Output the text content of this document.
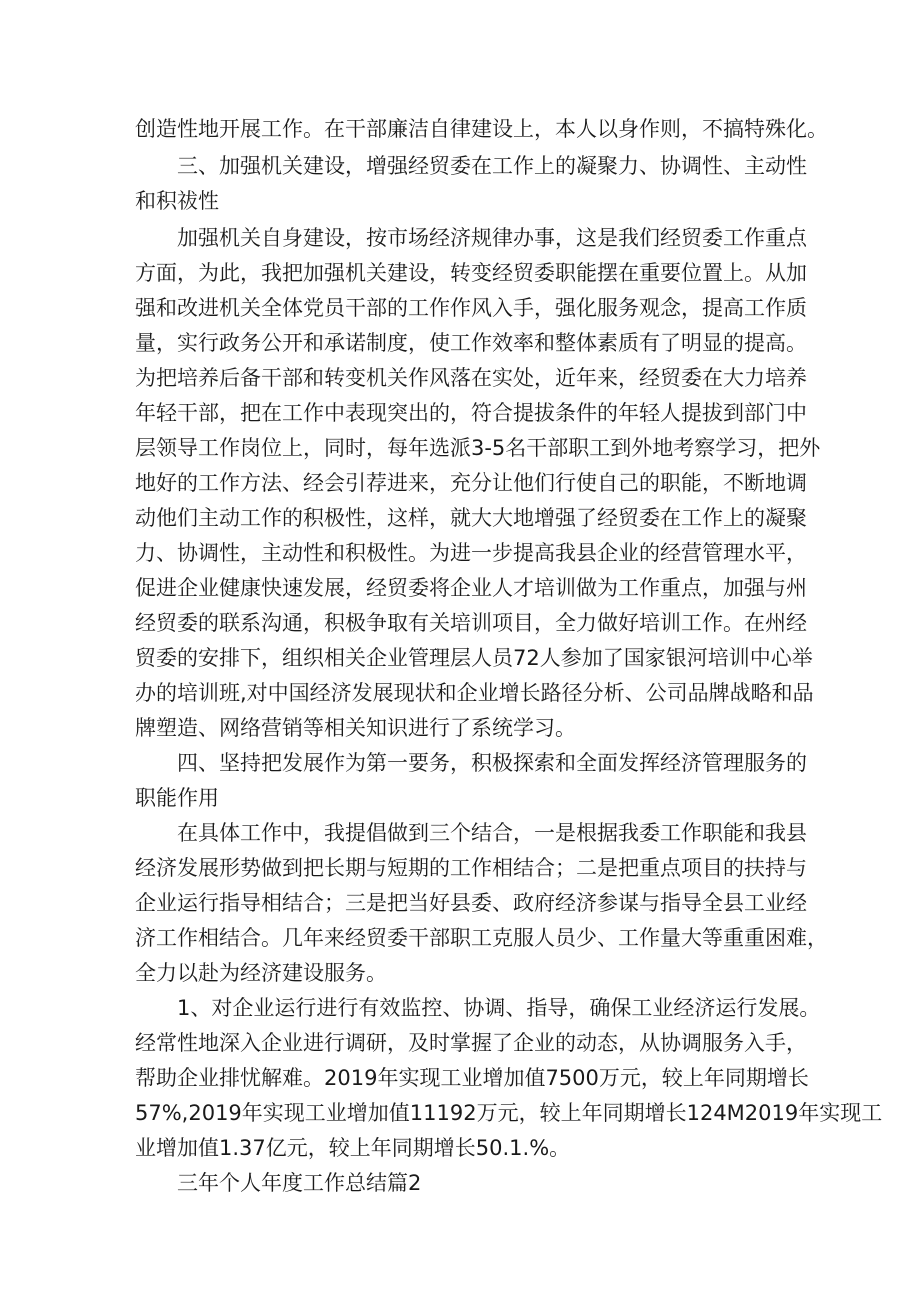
创造性地开展工作。在干部廉洁自律建设上，本人以身作则，不搞特殊化。
三、加强机关建设，增强经贸委在工作上的凝聚力、协调性、主动性
和积祓性
加强机关自身建设，按市场经济规律办事，这是我们经贸委工作重点
方面，为此，我把加强机关建设，转变经贸委职能摆在重要位置上。从加
强和改进机关全体党员干部的工作作风入手，强化服务观念，提高工作质
量，实行政务公开和承诺制度，使工作效率和整体素质有了明显的提高。
为把培养后备干部和转变机关作风落在实处，近年来，经贸委在大力培养
年轻干部，把在工作中表现突出的，符合提拔条件的年轻人提拔到部门中
层领导工作岗位上，同时，每年选派3-5名干部职工到外地考察学习，把外
地好的工作方法、经会引荐进来，充分让他们行使自己的职能，不断地调
动他们主动工作的积极性，这样，就大大地增强了经贸委在工作上的凝聚
力、协调性，主动性和积极性。为进一步提高我县企业的经营管理水平，
促进企业健康快速发展，经贸委将企业人才培训做为工作重点，加强与州
经贸委的联系沟通，积极争取有关培训项目，全力做好培训工作。在州经
贸委的安排下，组织相关企业管理层人员72人参加了国家银河培训中心举
办的培训班,对中国经济发展现状和企业增长路径分析、公司品牌战略和品
牌塑造、网络营销等相关知识进行了系统学习。
四、坚持把发展作为第一要务，积极探索和全面发挥经济管理服务的
职能作用
在具体工作中，我提倡做到三个结合，一是根据我委工作职能和我县
经济发展形势做到把长期与短期的工作相结合；二是把重点项目的扶持与
企业运行指导相结合；三是把当好县委、政府经济参谋与指导全县工业经
济工作相结合。几年来经贸委干部职工克服人员少、工作量大等重重困难，
全力以赴为经济建设服务。
1、对企业运行进行有效监控、协调、指导，确保工业经济运行发展。
经常性地深入企业进行调研，及时掌握了企业的动态，从协调服务入手，
帮助企业排忧解难。2019年实现工业增加值7500万元，较上年同期增长
57%,2019年实现工业增加值11192万元，较上年同期增长124M2019年实现工
业增加值1.37亿元，较上年同期增长50.1.%。
三年个人年度工作总结篇2
